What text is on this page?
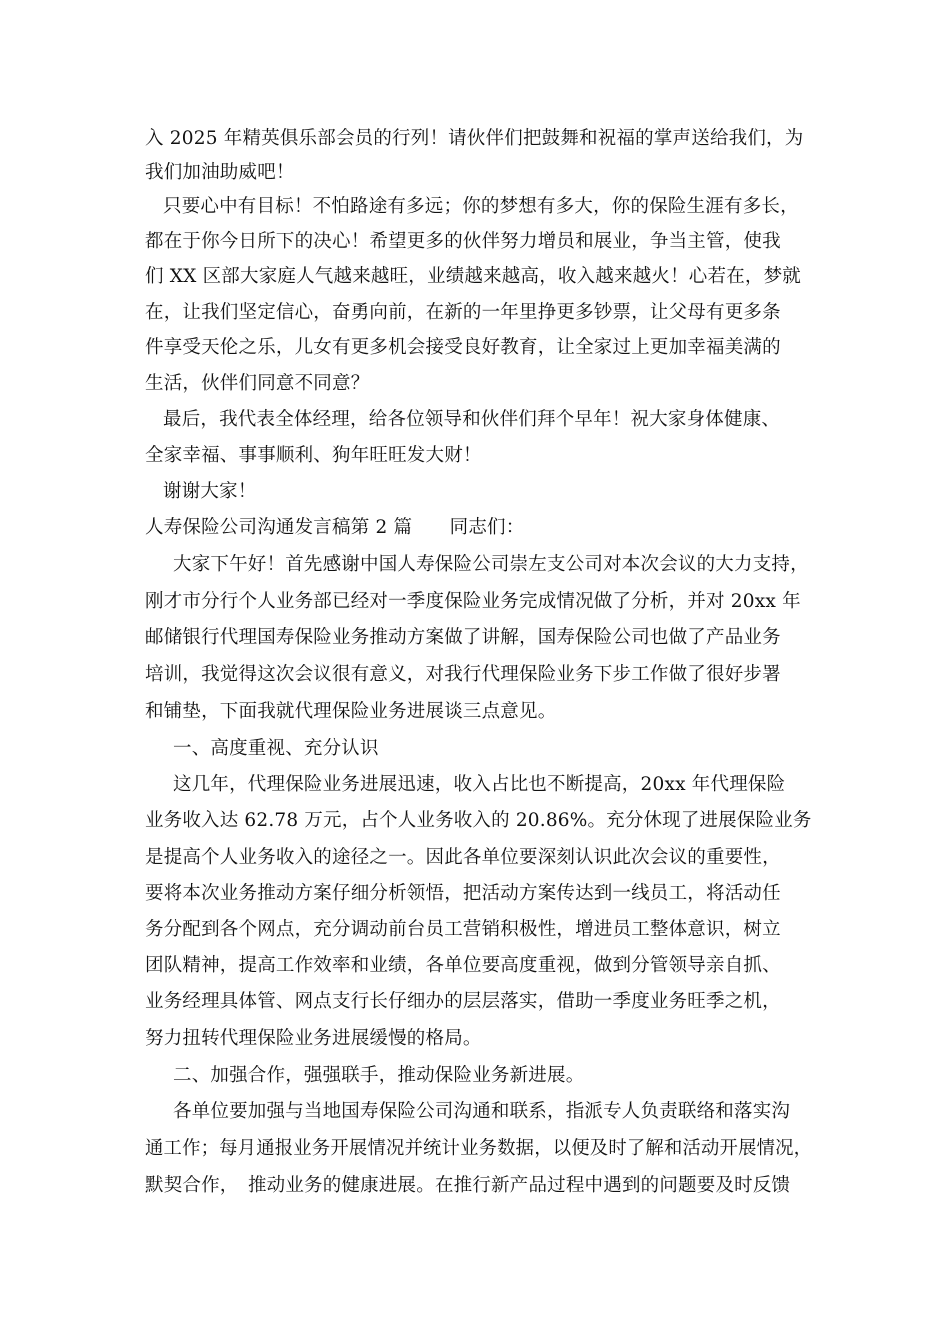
入 2025 年精英俱乐部会员的行列！请伙伴们把鼓舞和祝福的掌声送给我们，为
我们加油助威吧！
只要心中有目标！不怕路途有多远；你的梦想有多大，你的保险生涯有多长，
都在于你今日所下的决心！希望更多的伙伴努力增员和展业，争当主管，使我
们 XX 区部大家庭人气越来越旺，业绩越来越高，收入越来越火！心若在，梦就
在，让我们坚定信心，奋勇向前，在新的一年里挣更多钞票，让父母有更多条
件享受天伦之乐，儿女有更多机会接受良好教育，让全家过上更加幸福美满的
生活，伙伴们同意不同意？
最后，我代表全体经理，给各位领导和伙伴们拜个早年！祝大家身体健康、
全家幸福、事事顺利、狗年旺旺发大财！
谢谢大家！
人寿保险公司沟通发言稿第 2 篇　　同志们：
大家下午好！首先感谢中国人寿保险公司崇左支公司对本次会议的大力支持，
刚才市分行个人业务部已经对一季度保险业务完成情况做了分析，并对 20xx 年
邮储银行代理国寿保险业务推动方案做了讲解，国寿保险公司也做了产品业务
培训，我觉得这次会议很有意义，对我行代理保险业务下步工作做了很好步署
和铺垫，下面我就代理保险业务进展谈三点意见。
一、高度重视、充分认识
这几年，代理保险业务进展迅速，收入占比也不断提高，20xx 年代理保险
业务收入达 62.78 万元，占个人业务收入的 20.86%。充分休现了进展保险业务
是提高个人业务收入的途径之一。因此各单位要深刻认识此次会议的重要性，
要将本次业务推动方案仔细分析领悟，把活动方案传达到一线员工，将活动任
务分配到各个网点，充分调动前台员工营销积极性，增进员工整体意识，树立
团队精神，提高工作效率和业绩，各单位要高度重视，做到分管领导亲自抓、
业务经理具体管、网点支行长仔细办的层层落实，借助一季度业务旺季之机，
努力扭转代理保险业务进展缓慢的格局。
二、加强合作，强强联手，推动保险业务新进展。
各单位要加强与当地国寿保险公司沟通和联系，指派专人负责联络和落实沟
通工作；每月通报业务开展情况并统计业务数据，以便及时了解和活动开展情况，
默契合作，　推动业务的健康进展。在推行新产品过程中遇到的问题要及时反馈
